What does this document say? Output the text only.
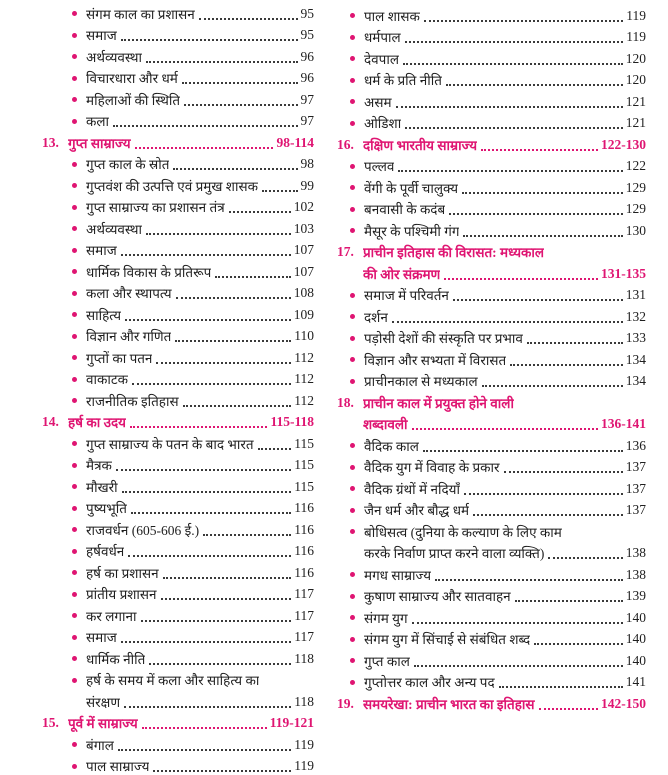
संगम काल का प्रशासन	95
समाज	95
अर्थव्यवस्था	96
विचारधारा और धर्म	96
महिलाओं की स्थिति	97
कला	97
13. गुप्त साम्राज्य	98-114
गुप्त काल के स्रोत	98
गुप्तवंश की उत्पत्ति एवं प्रमुख शासक	99
गुप्त साम्राज्य का प्रशासन तंत्र	102
अर्थव्यवस्था	103
समाज	107
धार्मिक विकास के प्रतिरूप	107
कला और स्थापत्य	108
साहित्य	109
विज्ञान और गणित	110
गुप्तों का पतन	112
वाकाटक	112
राजनीतिक इतिहास	112
14. हर्ष का उदय	115-118
गुप्त साम्राज्य के पतन के बाद भारत	115
मैत्रक	115
मौखरी	115
पुष्यभूति	116
राजवर्धन (605-606 ई.)	116
हर्षवर्धन	116
हर्ष का प्रशासन	116
प्रांतीय प्रशासन	117
कर लगाना	117
समाज	117
धार्मिक नीति	118
हर्ष के समय में कला और साहित्य का
संरक्षण	118
15. पूर्व में साम्राज्य	119-121
बंगाल	119
पाल साम्राज्य	119
पाल शासक	119
धर्मपाल	119
देवपाल	120
धर्म के प्रति नीति	120
असम	121
ओडिशा	121
16. दक्षिण भारतीय साम्राज्य	122-130
पल्लव	122
वेंगी के पूर्वी चालुक्य	129
बनवासी के कदंब	129
मैसूर के पश्चिमी गंग	130
17. प्राचीन इतिहास की विरासत: मध्यकाल
की ओर संक्रमण	131-135
समाज में परिवर्तन	131
दर्शन	132
पड़ोसी देशों की संस्कृति पर प्रभाव	133
विज्ञान और सभ्यता में विरासत	134
प्राचीनकाल से मध्यकाल	134
18. प्राचीन काल में प्रयुक्त होने वाली
शब्दावली	136-141
वैदिक काल	136
वैदिक युग में विवाह के प्रकार	137
वैदिक ग्रंथों में नदियाँ	137
जैन धर्म और बौद्ध धर्म	137
बोधिसत्व (दुनिया के कल्याण के लिए काम
करके निर्वाण प्राप्त करने वाला व्यक्ति)	138
मगध साम्राज्य	138
कुषाण साम्राज्य और सातवाहन	139
संगम युग	140
संगम युग में सिंचाई से संबंधित शब्द	140
गुप्त काल	140
गुप्तोत्तर काल और अन्य पद	141
19. समयरेखा: प्राचीन भारत का इतिहास	142-150
